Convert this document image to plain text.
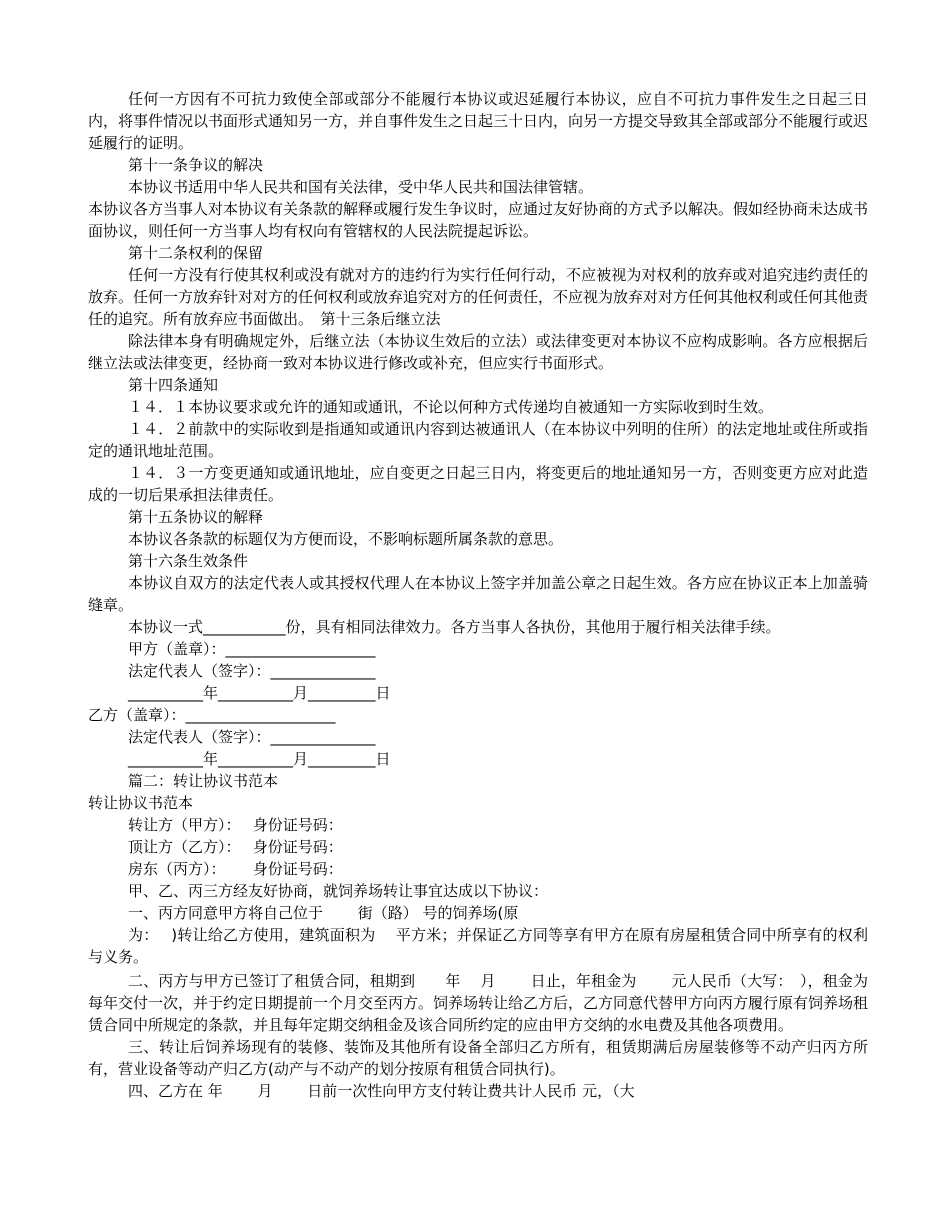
任何一方因有不可抗力致使全部或部分不能履行本协议或迟延履行本协议，应自不可抗力事件发生之日起三日内，将事件情况以书面形式通知另一方，并自事件发生之日起三十日内，向另一方提交导致其全部或部分不能履行或迟延履行的证明。

第十一条争议的解决

本协议书适用中华人民共和国有关法律，受中华人民共和国法律管辖。

本协议各方当事人对本协议有关条款的解释或履行发生争议时，应通过友好协商的方式予以解决。假如经协商未达成书面协议，则任何一方当事人均有权向有管辖权的人民法院提起诉讼。

第十二条权利的保留

任何一方没有行使其权利或没有就对方的违约行为实行任何行动，不应被视为对权利的放弃或对追究违约责任的放弃。任何一方放弃针对对方的任何权利或放弃追究对方的任何责任，不应视为放弃对对方任何其他权利或任何其他责任的追究。所有放弃应书面做出。　第十三条后继立法

除法律本身有明确规定外，后继立法（本协议生效后的立法）或法律变更对本协议不应构成影响。各方应根据后继立法或法律变更，经协商一致对本协议进行修改或补充，但应实行书面形式。

第十四条通知

１４．１本协议要求或允许的通知或通讯，不论以何种方式传递均自被通知一方实际收到时生效。

１４．２前款中的实际收到是指通知或通讯内容到达被通讯人（在本协议中列明的住所）的法定地址或住所或指定的通讯地址范围。

１４．３一方变更通知或通讯地址，应自变更之日起三日内，将变更后的地址通知另一方，否则变更方应对此造成的一切后果承担法律责任。

第十五条协议的解释

本协议各条款的标题仅为方便而设，不影响标题所属条款的意思。

第十六条生效条件

本协议自双方的法定代表人或其授权代理人在本协议上签字并加盖公章之日起生效。各方应在协议正本上加盖骑缝章。

本协议一式___________份，具有相同法律效力。各方当事人各执份，其他用于履行相关法律手续。

甲方（盖章）：____________________

法定代表人（签字）：______________

__________年__________月_________日

乙方（盖章）：____________________

法定代表人（签字）：______________

__________年__________月_________日

篇二：转让协议书范本

转让协议书范本

转让方（甲方）：　 身份证号码：

顶让方（乙方）：　 身份证号码：

房东（丙方）：　　 身份证号码：

甲、乙、丙三方经友好协商，就饲养场转让事宜达成以下协议：

一、丙方同意甲方将自己位于　　 街（路） 号的饲养场(原

为：　 )转让给乙方使用，建筑面积为　 平方米；并保证乙方同等享有甲方在原有房屋租赁合同中所享有的权利与义务。

二、丙方与甲方已签订了租赁合同，租期到　　年　 月　　 日止，年租金为　　 元人民币（大写：　），租金为每年交付一次，并于约定日期提前一个月交至丙方。饲养场转让给乙方后，乙方同意代替甲方向丙方履行原有饲养场租赁合同中所规定的条款，并且每年定期交纳租金及该合同所约定的应由甲方交纳的水电费及其他各项费用。

三、转让后饲养场现有的装修、装饰及其他所有设备全部归乙方所有，租赁期满后房屋装修等不动产归丙方所有，营业设备等动产归乙方(动产与不动产的划分按原有租赁合同执行)。

四、乙方在 年　　 月　　 日前一次性向甲方支付转让费共计人民币 元，（大
